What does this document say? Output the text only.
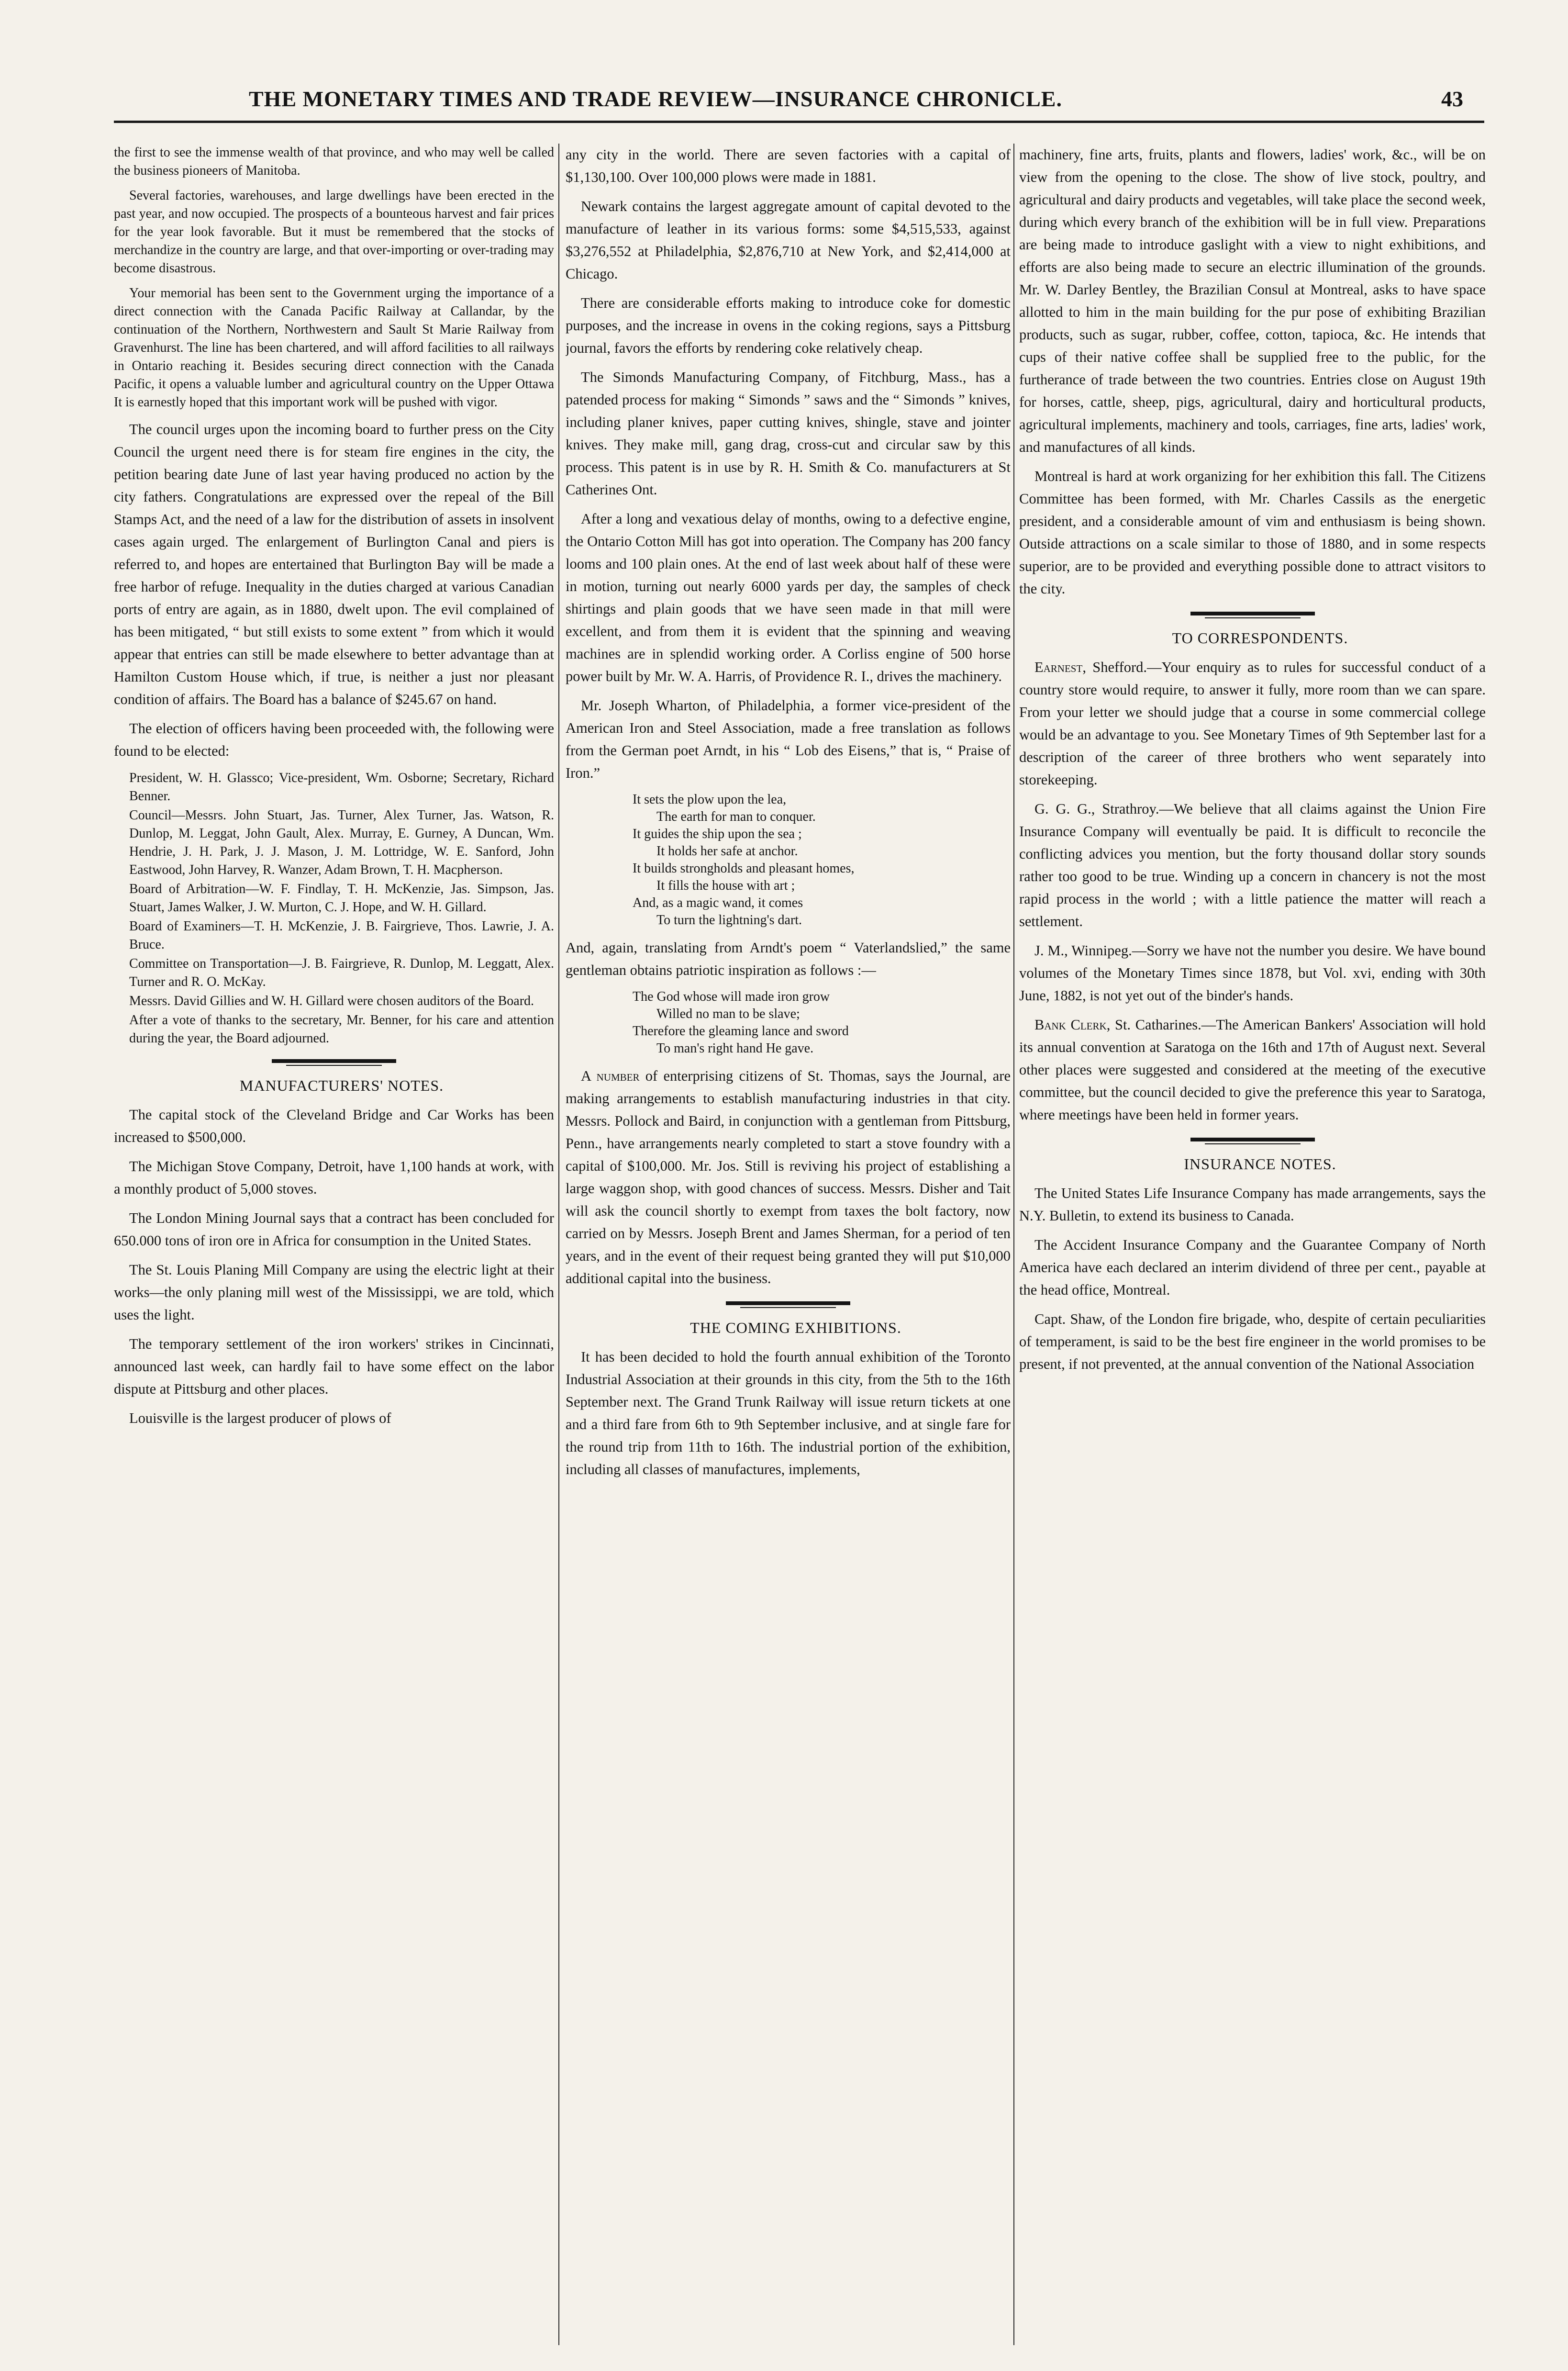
THE MONETARY TIMES AND TRADE REVIEW—INSURANCE CHRONICLE.	43

the first to see the immense wealth of that province, and who may well be called the business pioneers of Manitoba.

Several factories, warehouses, and large dwellings have been erected in the past year, and now occupied. The prospects of a bounteous harvest and fair prices for the year look favorable. But it must be remembered that the stocks of merchandize in the country are large, and that over-importing or over-trading may become disastrous.

Your memorial has been sent to the Government urging the importance of a direct connection with the Canada Pacific Railway at Callandar, by the continuation of the Northern, Northwestern and Sault St Marie Railway from Gravenhurst. The line has been chartered, and will afford facilities to all railways in Ontario reaching it. Besides securing direct connection with the Canada Pacific, it opens a valuable lumber and agricultural country on the Upper Ottawa It is earnestly hoped that this important work will be pushed with vigor.

The council urges upon the incoming board to further press on the City Council the urgent need there is for steam fire engines in the city, the petition bearing date June of last year having produced no action by the city fathers. Congratulations are expressed over the repeal of the Bill Stamps Act, and the need of a law for the distribution of assets in insolvent cases again urged. The enlargement of Burlington Canal and piers is referred to, and hopes are entertained that Burlington Bay will be made a free harbor of refuge. Inequality in the duties charged at various Canadian ports of entry are again, as in 1880, dwelt upon. The evil complained of has been mitigated, “ but still exists to some extent ” from which it would appear that entries can still be made elsewhere to better advantage than at Hamilton Custom House which, if true, is neither a just nor pleasant condition of affairs. The Board has a balance of $245.67 on hand.

The election of officers having been proceeded with, the following were found to be elected:

President, W. H. Glassco; Vice-president, Wm. Osborne; Secretary, Richard Benner.

Council—Messrs. John Stuart, Jas. Turner, Alex Turner, Jas. Watson, R. Dunlop, M. Leggat, John Gault, Alex. Murray, E. Gurney, A Duncan, Wm. Hendrie, J. H. Park, J. J. Mason, J. M. Lottridge, W. E. Sanford, John Eastwood, John Harvey, R. Wanzer, Adam Brown, T. H. Macpherson.

Board of Arbitration—W. F. Findlay, T. H. McKenzie, Jas. Simpson, Jas. Stuart, James Walker, J. W. Murton, C. J. Hope, and W. H. Gillard.

Board of Examiners—T. H. McKenzie, J. B. Fairgrieve, Thos. Lawrie, J. A. Bruce.

Committee on Transportation—J. B. Fairgrieve, R. Dunlop, M. Leggatt, Alex. Turner and R. O. McKay.

Messrs. David Gillies and W. H. Gillard were chosen auditors of the Board.

After a vote of thanks to the secretary, Mr. Benner, for his care and attention during the year, the Board adjourned.

MANUFACTURERS' NOTES.

The capital stock of the Cleveland Bridge and Car Works has been increased to $500,000.

The Michigan Stove Company, Detroit, have 1,100 hands at work, with a monthly product of 5,000 stoves.

The London Mining Journal says that a contract has been concluded for 650.000 tons of iron ore in Africa for consumption in the United States.

The St. Louis Planing Mill Company are using the electric light at their works—the only planing mill west of the Mississippi, we are told, which uses the light.

The temporary settlement of the iron workers' strikes in Cincinnati, announced last week, can hardly fail to have some effect on the labor dispute at Pittsburg and other places.

Louisville is the largest producer of plows of

any city in the world. There are seven factories with a capital of $1,130,100. Over 100,000 plows were made in 1881.

Newark contains the largest aggregate amount of capital devoted to the manufacture of leather in its various forms: some $4,515,533, against $3,276,552 at Philadelphia, $2,876,710 at New York, and $2,414,000 at Chicago.

There are considerable efforts making to introduce coke for domestic purposes, and the increase in ovens in the coking regions, says a Pittsburg journal, favors the efforts by rendering coke relatively cheap.

The Simonds Manufacturing Company, of Fitchburg, Mass., has a patended process for making “ Simonds ” saws and the “ Simonds ” knives, including planer knives, paper cutting knives, shingle, stave and jointer knives. They make mill, gang drag, cross-cut and circular saw by this process. This patent is in use by R. H. Smith & Co. manufacturers at St Catherines Ont.

After a long and vexatious delay of months, owing to a defective engine, the Ontario Cotton Mill has got into operation. The Company has 200 fancy looms and 100 plain ones. At the end of last week about half of these were in motion, turning out nearly 6000 yards per day, the samples of check shirtings and plain goods that we have seen made in that mill were excellent, and from them it is evident that the spinning and weaving machines are in splendid working order. A Corliss engine of 500 horse power built by Mr. W. A. Harris, of Providence R. I., drives the machinery.

Mr. Joseph Wharton, of Philadelphia, a former vice-president of the American Iron and Steel Association, made a free translation as follows from the German poet Arndt, in his “ Lob des Eisens,” that is, “ Praise of Iron.”

It sets the plow upon the lea,
The earth for man to conquer.
It guides the ship upon the sea ;
It holds her safe at anchor.
It builds strongholds and pleasant homes,
It fills the house with art ;
And, as a magic wand, it comes
To turn the lightning's dart.

And, again, translating from Arndt's poem “ Vaterlandslied,” the same gentleman obtains patriotic inspiration as follows :—

The God whose will made iron grow
Willed no man to be slave;
Therefore the gleaming lance and sword
To man's right hand He gave.

A number of enterprising citizens of St. Thomas, says the Journal, are making arrangements to establish manufacturing industries in that city. Messrs. Pollock and Baird, in conjunction with a gentleman from Pittsburg, Penn., have arrangements nearly completed to start a stove foundry with a capital of $100,000. Mr. Jos. Still is reviving his project of establishing a large waggon shop, with good chances of success. Messrs. Disher and Tait will ask the council shortly to exempt from taxes the bolt factory, now carried on by Messrs. Joseph Brent and James Sherman, for a period of ten years, and in the event of their request being granted they will put $10,000 additional capital into the business.

THE COMING EXHIBITIONS.

It has been decided to hold the fourth annual exhibition of the Toronto Industrial Association at their grounds in this city, from the 5th to the 16th September next. The Grand Trunk Railway will issue return tickets at one and a third fare from 6th to 9th September inclusive, and at single fare for the round trip from 11th to 16th. The industrial portion of the exhibition, including all classes of manufactures, implements,

machinery, fine arts, fruits, plants and flowers, ladies' work, &c., will be on view from the opening to the close. The show of live stock, poultry, and agricultural and dairy products and vegetables, will take place the second week, during which every branch of the exhibition will be in full view. Preparations are being made to introduce gaslight with a view to night exhibitions, and efforts are also being made to secure an electric illumination of the grounds. Mr. W. Darley Bentley, the Brazilian Consul at Montreal, asks to have space allotted to him in the main building for the pur pose of exhibiting Brazilian products, such as sugar, rubber, coffee, cotton, tapioca, &c. He intends that cups of their native coffee shall be supplied free to the public, for the furtherance of trade between the two countries. Entries close on August 19th for horses, cattle, sheep, pigs, agricultural, dairy and horticultural products, agricultural implements, machinery and tools, carriages, fine arts, ladies' work, and manufactures of all kinds.

Montreal is hard at work organizing for her exhibition this fall. The Citizens Committee has been formed, with Mr. Charles Cassils as the energetic president, and a considerable amount of vim and enthusiasm is being shown. Outside attractions on a scale similar to those of 1880, and in some respects superior, are to be provided and everything possible done to attract visitors to the city.

TO CORRESPONDENTS.

Earnest, Shefford.—Your enquiry as to rules for successful conduct of a country store would require, to answer it fully, more room than we can spare. From your letter we should judge that a course in some commercial college would be an advantage to you. See Monetary Times of 9th September last for a description of the career of three brothers who went separately into storekeeping.

G. G. G., Strathroy.—We believe that all claims against the Union Fire Insurance Company will eventually be paid. It is difficult to reconcile the conflicting advices you mention, but the forty thousand dollar story sounds rather too good to be true. Winding up a concern in chancery is not the most rapid process in the world ; with a little patience the matter will reach a settlement.

J. M., Winnipeg.—Sorry we have not the number you desire. We have bound volumes of the Monetary Times since 1878, but Vol. xvi, ending with 30th June, 1882, is not yet out of the binder's hands.

Bank Clerk, St. Catharines.—The American Bankers' Association will hold its annual convention at Saratoga on the 16th and 17th of August next. Several other places were suggested and considered at the meeting of the executive committee, but the council decided to give the preference this year to Saratoga, where meetings have been held in former years.

INSURANCE NOTES.

The United States Life Insurance Company has made arrangements, says the N.Y. Bulletin, to extend its business to Canada.

The Accident Insurance Company and the Guarantee Company of North America have each declared an interim dividend of three per cent., payable at the head office, Montreal.

Capt. Shaw, of the London fire brigade, who, despite of certain peculiarities of temperament, is said to be the best fire engineer in the world promises to be present, if not prevented, at the annual convention of the National Association
